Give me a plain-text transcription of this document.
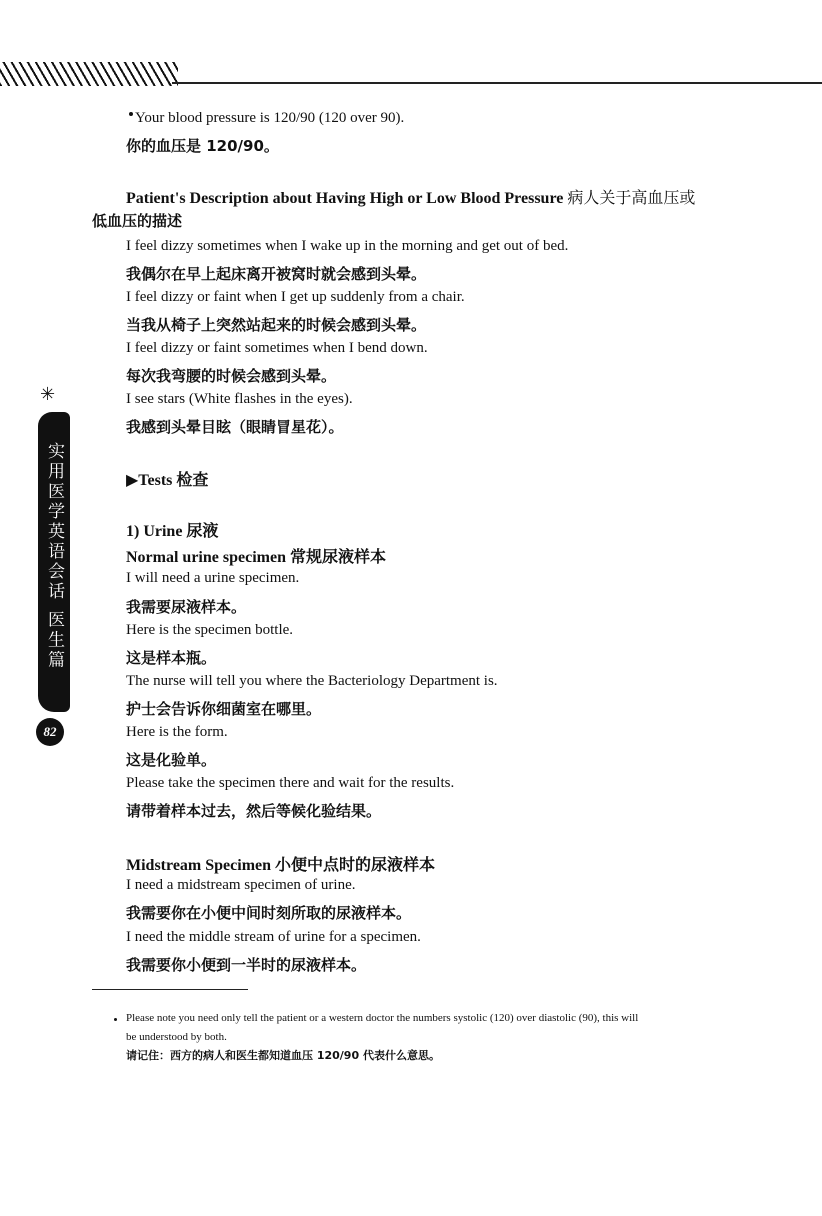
✳
实用医学英语会话 医生篇
82
Your blood pressure is 120/90 (120 over 90).
你的血压是 120/90。
Patient's Description about Having High or Low Blood Pressure 病人关于高血压或
低血压的描述
I feel dizzy sometimes when I wake up in the morning and get out of bed.
我偶尔在早上起床离开被窝时就会感到头晕。
I feel dizzy or faint when I get up suddenly from a chair.
当我从椅子上突然站起来的时候会感到头晕。
I feel dizzy or faint sometimes when I bend down.
每次我弯腰的时候会感到头晕。
I see stars (White flashes in the eyes).
我感到头晕目眩（眼睛冒星花）。
▶Tests 检查
1) Urine 尿液
Normal urine specimen 常规尿液样本
I will need a urine specimen.
我需要尿液样本。
Here is the specimen bottle.
这是样本瓶。
The nurse will tell you where the Bacteriology Department is.
护士会告诉你细菌室在哪里。
Here is the form.
这是化验单。
Please take the specimen there and wait for the results.
请带着样本过去，然后等候化验结果。
Midstream Specimen 小便中点时的尿液样本
I need a midstream specimen of urine.
我需要你在小便中间时刻所取的尿液样本。
I need the middle stream of urine for a specimen.
我需要你小便到一半时的尿液样本。
Please note you need only tell the patient or a western doctor the numbers systolic (120) over diastolic (90), this will
be understood by both.
请记住：西方的病人和医生都知道血压 120/90 代表什么意思。
